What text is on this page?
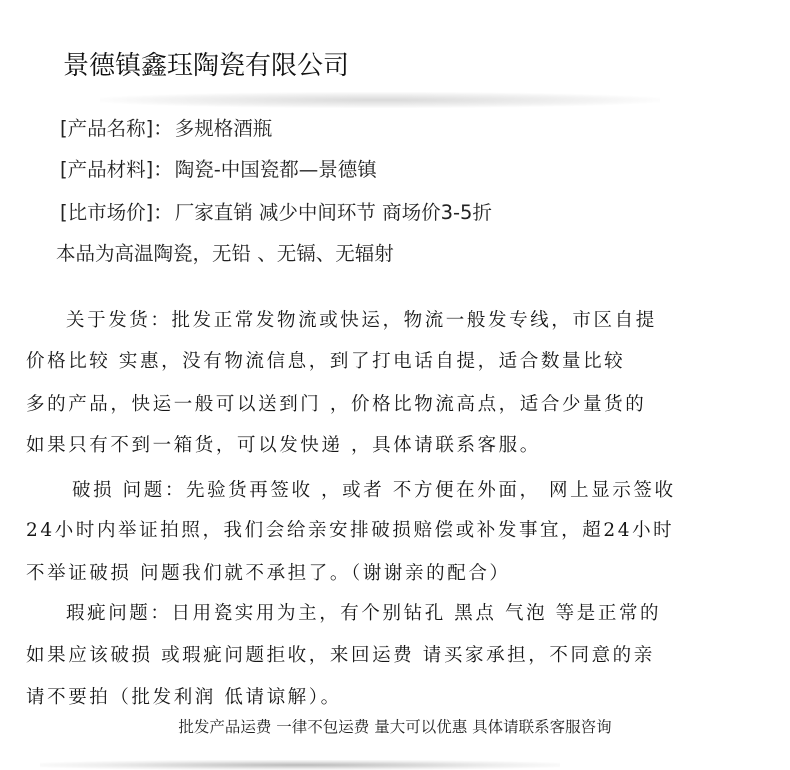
景德镇鑫珏陶瓷有限公司
[产品名称]： 多规格酒瓶
[产品材料]： 陶瓷-中国瓷都—景德镇
[比市场价]： 厂家直销 减少中间环节 商场价3-5折
本品为高温陶瓷，无铅 、无镉、无辐射
关于发货：批发正常发物流或快运，物流一般发专线，市区自提
价格比较 实惠，没有物流信息，到了打电话自提，适合数量比较
多的产品，快运一般可以送到门 ，价格比物流高点，适合少量货的
如果只有不到一箱货，可以发快递 ，具体请联系客服。
破损 问题：先验货再签收 ，或者 不方便在外面， 网上显示签收
24小时内举证拍照，我们会给亲安排破损赔偿或补发事宜，超24小时
不举证破损 问题我们就不承担了。（谢谢亲的配合）
瑕疵问题：日用瓷实用为主，有个别钻孔 黑点 气泡 等是正常的
如果应该破损 或瑕疵问题拒收，来回运费 请买家承担，不同意的亲
请不要拍（批发利润 低请谅解）。
批发产品运费 一律不包运费 量大可以优惠 具体请联系客服咨询
